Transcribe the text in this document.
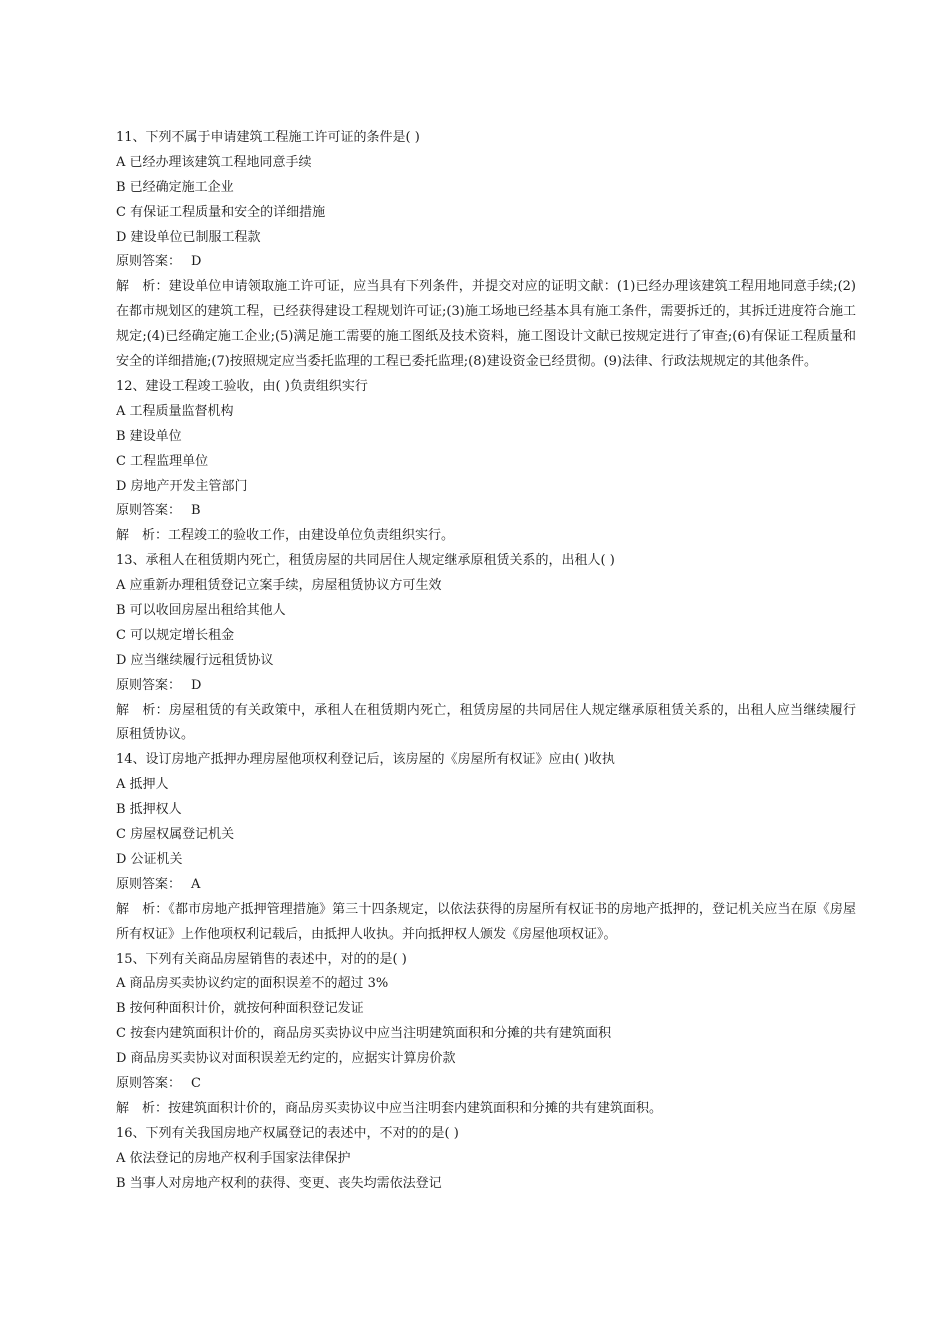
11、下列不属于申请建筑工程施工许可证的条件是( )
A 已经办理该建筑工程地同意手续
B 已经确定施工企业
C 有保证工程质量和安全的详细措施
D 建设单位已制服工程款
原则答案： D
解　析：建设单位申请领取施工许可证，应当具有下列条件，并提交对应的证明文献：(1)已经办理该建筑工程用地同意手续;(2)在都市规划区的建筑工程，已经获得建设工程规划许可证;(3)施工场地已经基本具有施工条件，需要拆迁的，其拆迁进度符合施工规定;(4)已经确定施工企业;(5)满足施工需要的施工图纸及技术资料，施工图设计文献已按规定进行了审查;(6)有保证工程质量和安全的详细措施;(7)按照规定应当委托监理的工程已委托监理;(8)建设资金已经贯彻。(9)法律、行政法规规定的其他条件。
12、建设工程竣工验收，由( )负责组织实行
A 工程质量监督机构
B 建设单位
C 工程监理单位
D 房地产开发主管部门
原则答案： B
解　析：工程竣工的验收工作，由建设单位负责组织实行。
13、承租人在租赁期内死亡，租赁房屋的共同居住人规定继承原租赁关系的，出租人( )
A 应重新办理租赁登记立案手续，房屋租赁协议方可生效
B 可以收回房屋出租给其他人
C 可以规定增长租金
D 应当继续履行远租赁协议
原则答案： D
解　析：房屋租赁的有关政策中，承租人在租赁期内死亡，租赁房屋的共同居住人规定继承原租赁关系的，出租人应当继续履行原租赁协议。
14、设订房地产抵押办理房屋他项权利登记后，该房屋的《房屋所有权证》应由( )收执
A 抵押人
B 抵押权人
C 房屋权属登记机关
D 公证机关
原则答案： A
解　析：《都市房地产抵押管理措施》第三十四条规定，以依法获得的房屋所有权证书的房地产抵押的，登记机关应当在原《房屋所有权证》上作他项权利记载后，由抵押人收执。并向抵押权人颁发《房屋他项权证》。
15、下列有关商品房屋销售的表述中，对的的是( )
A 商品房买卖协议约定的面积误差不的超过 3%
B 按何种面积计价，就按何种面积登记发证
C 按套内建筑面积计价的，商品房买卖协议中应当注明建筑面积和分摊的共有建筑面积
D 商品房买卖协议对面积误差无约定的，应据实计算房价款
原则答案： C
解　析：按建筑面积计价的，商品房买卖协议中应当注明套内建筑面积和分摊的共有建筑面积。
16、下列有关我国房地产权属登记的表述中，不对的的是( )
A 依法登记的房地产权利手国家法律保护
B 当事人对房地产权利的获得、变更、丧失均需依法登记
